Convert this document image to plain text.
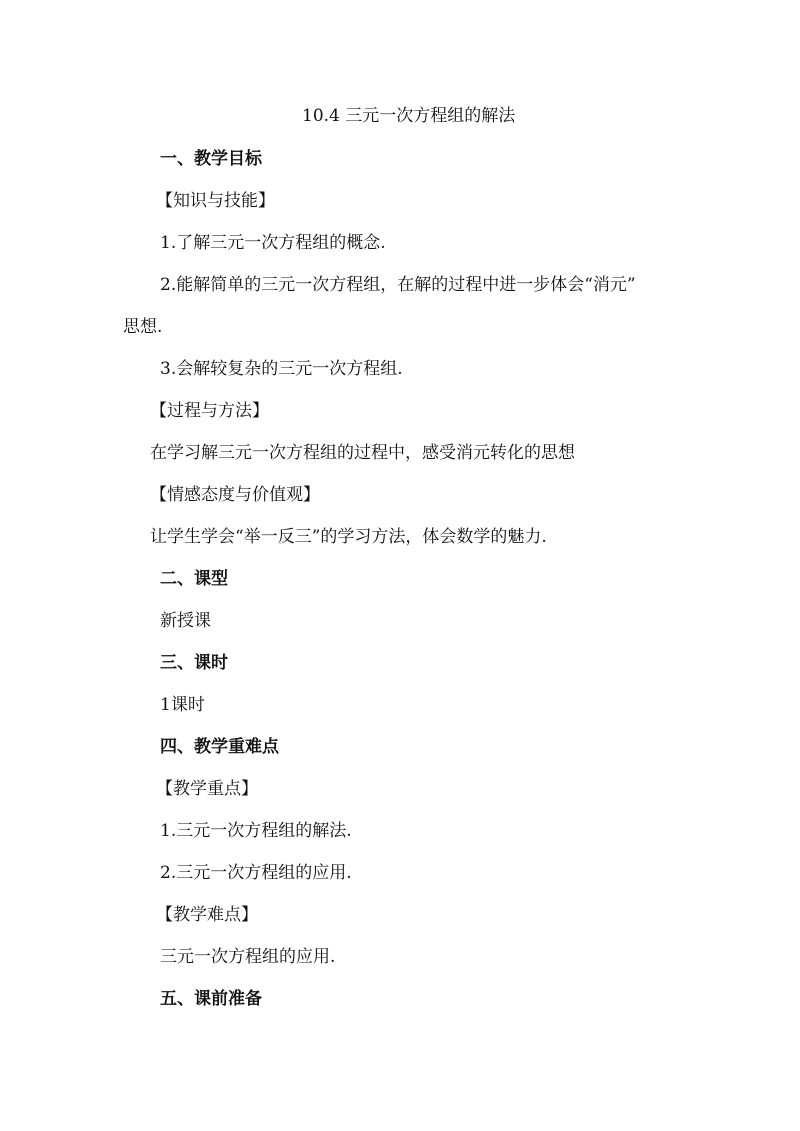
10.4 三元一次方程组的解法
一、教学目标
【知识与技能】
1.了解三元一次方程组的概念.
2.能解简单的三元一次方程组，在解的过程中进一步体会“消元”
思想.
3.会解较复杂的三元一次方程组.
【过程与方法】
在学习解三元一次方程组的过程中，感受消元转化的思想
【情感态度与价值观】
让学生学会“举一反三”的学习方法，体会数学的魅力.
二、课型
新授课
三、课时
1课时
四、教学重难点
【教学重点】
1.三元一次方程组的解法.
2.三元一次方程组的应用.
【教学难点】
三元一次方程组的应用.
五、课前准备
